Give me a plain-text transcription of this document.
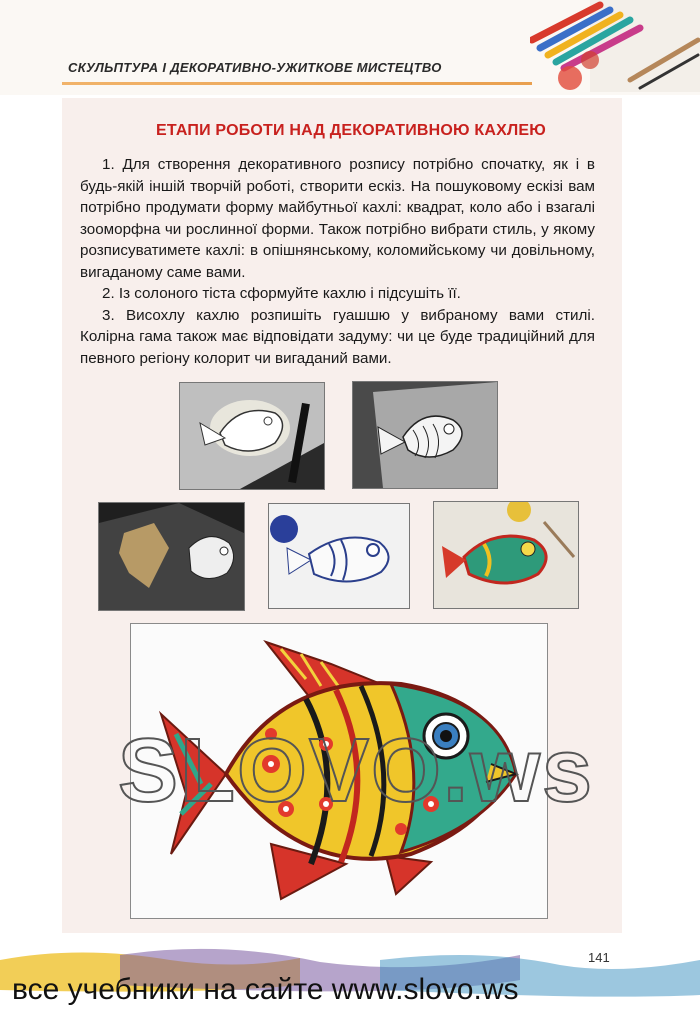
СКУЛЬПТУРА І ДЕКОРАТИВНО-УЖИТКОВЕ МИСТЕЦТВО
ЕТАПИ РОБОТИ НАД ДЕКОРАТИВНОЮ КАХЛЕЮ

1. Для створення декоративного розпису потрібно спочатку, як і в будь-якій іншій творчій роботі, створити ескіз. На пошуковому ескізі вам потрібно продумати форму майбутньої кахлі: квадрат, коло або і взагалі зооморфна чи рослинної форми. Також потрібно вибрати стиль, у якому розписуватимете кахлі: в опішнянському, коломийському чи довільному, вигаданому саме вами.

2. Із солоного тіста сформуйте кахлю і підсушіть її.

3. Висохлу кахлю розпишіть гуашшю у вибраному вами стилі. Колірна гама також має відповідати задуму: чи це буде традиційний для певного регіону колорит чи вигаданий вами.

SLOVO.ws
141
все учебники на сайте www.slovo.ws
